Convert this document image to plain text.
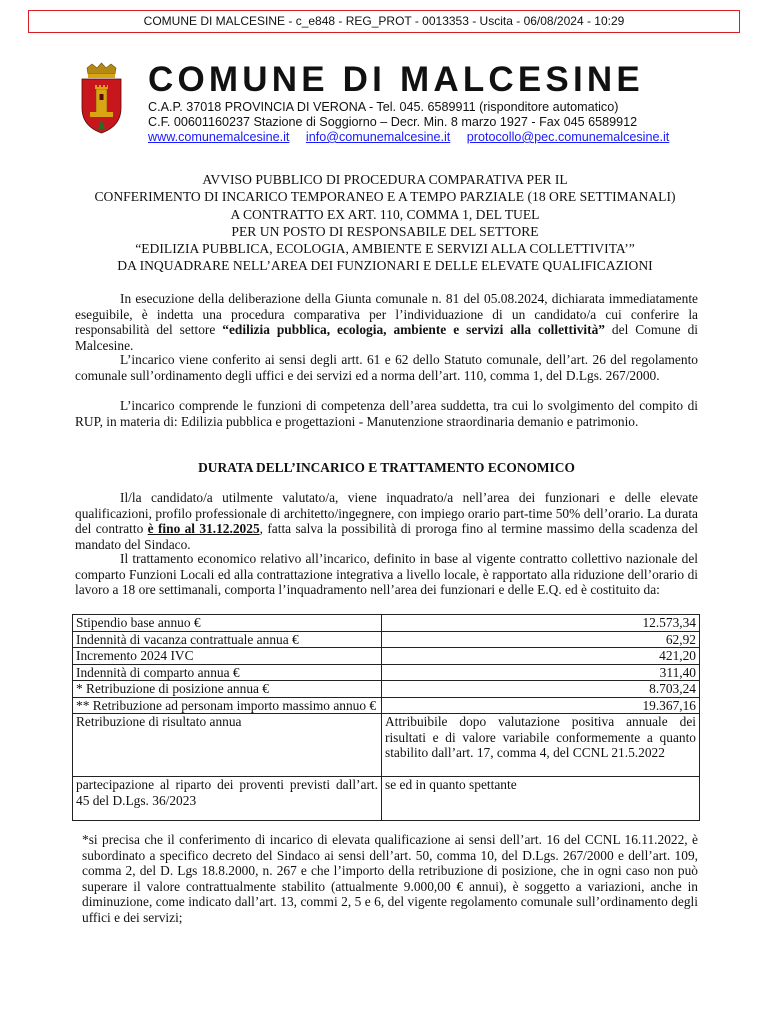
COMUNE DI MALCESINE - c_e848 - REG_PROT - 0013353 - Uscita - 06/08/2024 - 10:29
COMUNE DI MALCESINE
C.A.P. 37018 PROVINCIA DI VERONA - Tel. 045. 6589911 (risponditore automatico)
C.F. 00601160237 Stazione di Soggiorno – Decr. Min. 8 marzo 1927 - Fax 045 6589912
www.comunemalcesine.it info@comunemalcesine.it protocollo@pec.comunemalcesine.it
AVVISO PUBBLICO DI PROCEDURA COMPARATIVA PER IL
CONFERIMENTO DI INCARICO TEMPORANEO E A TEMPO PARZIALE (18 ORE SETTIMANALI)
A CONTRATTO EX ART. 110, COMMA 1, DEL TUEL
PER UN POSTO DI RESPONSABILE DEL SETTORE
“EDILIZIA PUBBLICA, ECOLOGIA, AMBIENTE E SERVIZI ALLA COLLETTIVITA’”
DA INQUADRARE NELL’AREA DEI FUNZIONARI E DELLE ELEVATE QUALIFICAZIONI
In esecuzione della deliberazione della Giunta comunale n. 81 del 05.08.2024, dichiarata immediatamente eseguibile, è indetta una procedura comparativa per l’individuazione di un candidato/a cui conferire la responsabilità del settore “edilizia pubblica, ecologia, ambiente e servizi alla collettività” del Comune di Malcesine.
L’incarico viene conferito ai sensi degli artt. 61 e 62 dello Statuto comunale, dell’art. 26 del regolamento comunale sull’ordinamento degli uffici e dei servizi ed a norma dell’art. 110, comma 1, del D.Lgs. 267/2000.
L’incarico comprende le funzioni di competenza dell’area suddetta, tra cui lo svolgimento del compito di RUP, in materia di: Edilizia pubblica e progettazioni - Manutenzione straordinaria demanio e patrimonio.
DURATA DELL’INCARICO E TRATTAMENTO ECONOMICO
Il/la candidato/a utilmente valutato/a, viene inquadrato/a nell’area dei funzionari e delle elevate qualificazioni, profilo professionale di architetto/ingegnere, con impiego orario part-time 50% dell’orario. La durata del contratto è fino al 31.12.2025, fatta salva la possibilità di proroga fino al termine massimo della scadenza del mandato del Sindaco.
Il trattamento economico relativo all’incarico, definito in base al vigente contratto collettivo nazionale del comparto Funzioni Locali ed alla contrattazione integrativa a livello locale, è rapportato alla riduzione dell’orario di lavoro a 18 ore settimanali, comporta l’inquadramento nell’area dei funzionari e delle E.Q. ed è costituito da:
Stipendio base annuo €	12.573,34
Indennità di vacanza contrattuale annua €	62,92
Incremento 2024 IVC	421,20
Indennità di comparto annua €	311,40
* Retribuzione di posizione annua €	8.703,24
** Retribuzione ad personam importo massimo annuo €	19.367,16
Retribuzione di risultato annua	Attribuibile dopo valutazione positiva annuale dei risultati e di valore variabile conformemente a quanto stabilito dall’art. 17, comma 4, del CCNL 21.5.2022
partecipazione al riparto dei proventi previsti dall’art. 45 del D.Lgs. 36/2023	se ed in quanto spettante
*si precisa che il conferimento di incarico di elevata qualificazione ai sensi dell’art. 16 del CCNL 16.11.2022, è subordinato a specifico decreto del Sindaco ai sensi dell’art. 50, comma 10, del D.Lgs. 267/2000 e dell’art. 109, comma 2, del D. Lgs 18.8.2000, n. 267 e che l’importo della retribuzione di posizione, che in ogni caso non può superare il valore contrattualmente stabilito (attualmente 9.000,00 € annui), è soggetto a variazioni, anche in diminuzione, come indicato dall’art. 13, commi 2, 5 e 6, del vigente regolamento comunale sull’ordinamento degli uffici e dei servizi;
